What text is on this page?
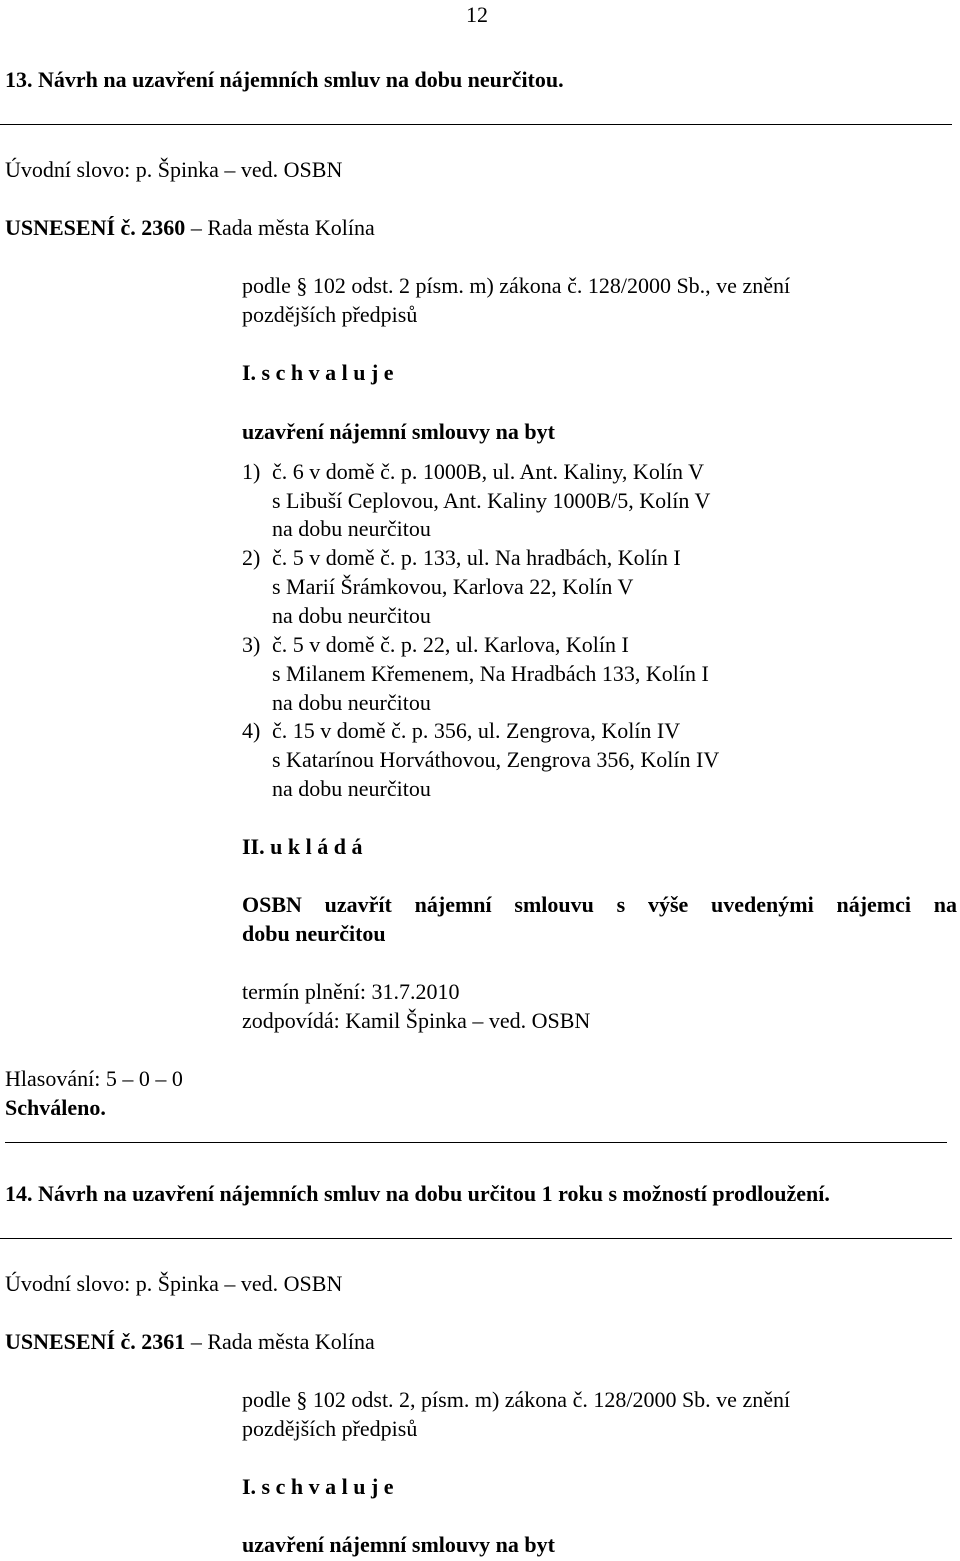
12
13. Návrh na uzavření nájemních smluv na dobu neurčitou.
Úvodní slovo: p. Špinka – ved. OSBN
USNESENÍ č. 2360 – Rada města Kolína
podle § 102 odst. 2 písm. m) zákona č. 128/2000 Sb., ve znění
pozdějších předpisů
I. s c h v a l u j e
uzavření nájemní smlouvy na byt
1) č. 6 v domě č. p. 1000B, ul. Ant. Kaliny, Kolín V
s Libuší Ceplovou, Ant. Kaliny 1000B/5, Kolín V
na dobu neurčitou
2) č. 5 v domě č. p. 133, ul. Na hradbách, Kolín I
s Marií Šrámkovou, Karlova 22, Kolín V
na dobu neurčitou
3) č. 5 v domě č. p. 22, ul. Karlova, Kolín I
s Milanem Křemenem, Na Hradbách 133, Kolín I
na dobu neurčitou
4) č. 15 v domě č. p. 356, ul. Zengrova, Kolín IV
s Katarínou Horváthovou, Zengrova 356, Kolín IV
na dobu neurčitou
II. u k l á d á
OSBN uzavřít nájemní smlouvu s výše uvedenými nájemci na
dobu neurčitou
termín plnění: 31.7.2010
zodpovídá: Kamil Špinka – ved. OSBN
Hlasování: 5 – 0 – 0
Schváleno.
14. Návrh na uzavření nájemních smluv na dobu určitou 1 roku s možností prodloužení.
Úvodní slovo: p. Špinka – ved. OSBN
USNESENÍ č. 2361 – Rada města Kolína
podle § 102 odst. 2, písm. m) zákona č. 128/2000 Sb. ve znění
pozdějších předpisů
I. s c h v a l u j e
uzavření nájemní smlouvy na byt
